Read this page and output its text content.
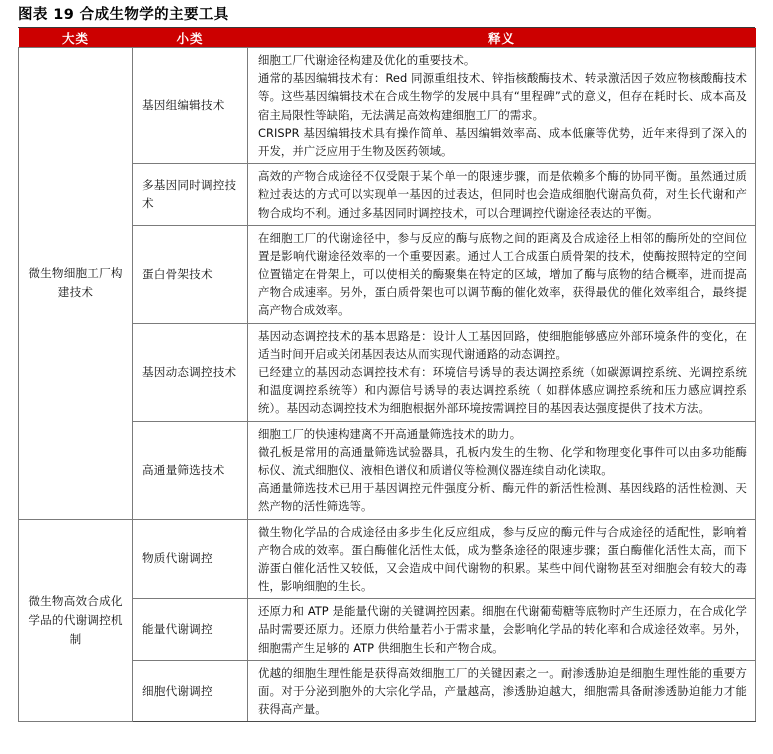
图表 19 合成生物学的主要工具
大类	小类	释义
微生物细胞工厂构建技术	基因组编辑技术	细胞工厂代谢途径构建及优化的重要技术。

通常的基因编辑技术有：Red 同源重组技术、锌指核酸酶技术、转录激活因子效应物核酸酶技术等。这些基因编辑技术在合成生物学的发展中具有“里程碑”式的意义，但存在耗时长、成本高及宿主局限性等缺陷，无法满足高效构建细胞工厂的需求。

CRISPR 基因编辑技术具有操作简单、基因编辑效率高、成本低廉等优势，近年来得到了深入的开发，并广泛应用于生物及医药领域。

	多基因同时调控技术	高效的产物合成途径不仅受限于某个单一的限速步骤，而是依赖多个酶的协同平衡。虽然通过质粒过表达的方式可以实现单一基因的过表达，但同时也会造成细胞代谢高负荷，对生长代谢和产物合成均不利。通过多基因同时调控技术，可以合理调控代谢途径表达的平衡。

	蛋白骨架技术	在细胞工厂的代谢途径中，参与反应的酶与底物之间的距离及合成途径上相邻的酶所处的空间位置是影响代谢途径效率的一个重要因素。通过人工合成蛋白质骨架的技术，使酶按照特定的空间位置锚定在骨架上，可以使相关的酶聚集在特定的区域，增加了酶与底物的结合概率，进而提高产物合成速率。另外，蛋白质骨架也可以调节酶的催化效率，获得最优的催化效率组合，最终提高产物合成效率。

	基因动态调控技术	基因动态调控技术的基本思路是：设计人工基因回路，使细胞能够感应外部环境条件的变化，在适当时间开启或关闭基因表达从而实现代谢通路的动态调控。

已经建立的基因动态调控技术有：环境信号诱导的表达调控系统（如碳源调控系统、光调控系统和温度调控系统等）和内源信号诱导的表达调控系统（ 如群体感应调控系统和压力感应调控系统）。基因动态调控技术为细胞根据外部环境按需调控目的基因表达强度提供了技术方法。

	高通量筛选技术	细胞工厂的快速构建离不开高通量筛选技术的助力。

微孔板是常用的高通量筛选试验器具，孔板内发生的生物、化学和物理变化事件可以由多功能酶标仪、流式细胞仪、液相色谱仪和质谱仪等检测仪器连续自动化读取。

高通量筛选技术已用于基因调控元件强度分析、酶元件的新活性检测、基因线路的活性检测、天然产物的活性筛选等。

微生物高效合成化学品的代谢调控机制	物质代谢调控	微生物化学品的合成途径由多步生化反应组成，参与反应的酶元件与合成途径的适配性，影响着产物合成的效率。蛋白酶催化活性太低，成为整条途径的限速步骤；蛋白酶催化活性太高，而下游蛋白催化活性又较低，又会造成中间代谢物的积累。某些中间代谢物甚至对细胞会有较大的毒性，影响细胞的生长。

	能量代谢调控	还原力和 ATP 是能量代谢的关键调控因素。细胞在代谢葡萄糖等底物时产生还原力，在合成化学品时需要还原力。还原力供给量若小于需求量，会影响化学品的转化率和合成途径效率。另外， 细胞需产生足够的 ATP 供细胞生长和产物合成。

	细胞代谢调控	优越的细胞生理性能是获得高效细胞工厂的关键因素之一。耐渗透胁迫是细胞生理性能的重要方面。对于分泌到胞外的大宗化学品，产量越高，渗透胁迫越大，细胞需具备耐渗透胁迫能力才能获得高产量。
